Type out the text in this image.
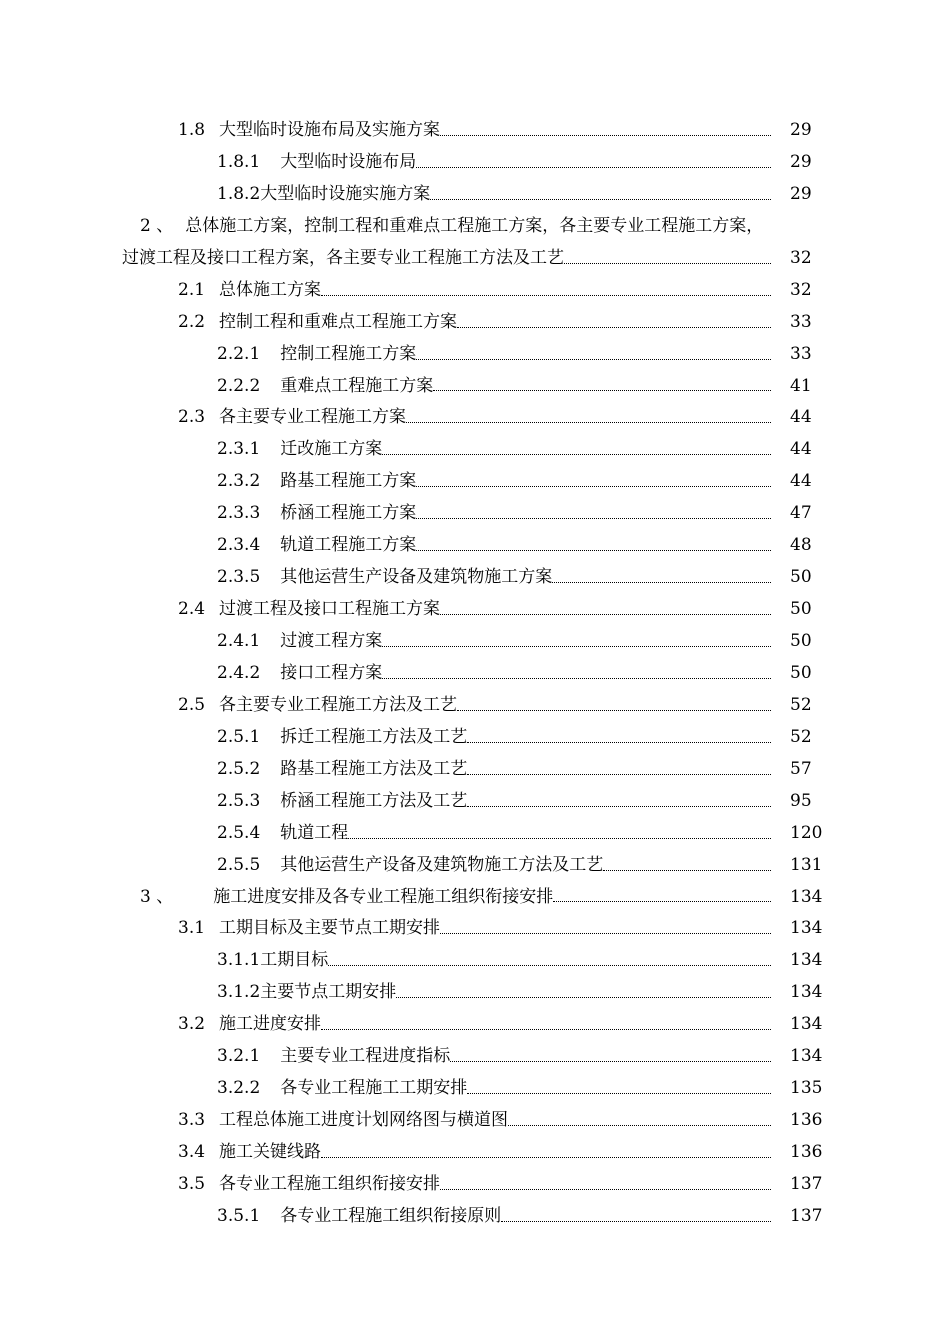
1.8 大型临时设施布局及实施方案	29
1.8.1 大型临时设施布局	29
1.8.2 大型临时设施实施方案	29
2 、 总体施工方案，控制工程和重难点工程施工方案，各主要专业工程施工方案，
过渡工程及接口工程方案，各主要专业工程施工方法及工艺	32
2.1 总体施工方案	32
2.2 控制工程和重难点工程施工方案	33
2.2.1 控制工程施工方案	33
2.2.2 重难点工程施工方案	41
2.3 各主要专业工程施工方案	44
2.3.1 迁改施工方案	44
2.3.2 路基工程施工方案	44
2.3.3 桥涵工程施工方案	47
2.3.4 轨道工程施工方案	48
2.3.5 其他运营生产设备及建筑物施工方案	50
2.4 过渡工程及接口工程施工方案	50
2.4.1 过渡工程方案	50
2.4.2 接口工程方案	50
2.5 各主要专业工程施工方法及工艺	52
2.5.1 拆迁工程施工方法及工艺	52
2.5.2 路基工程施工方法及工艺	57
2.5.3 桥涵工程施工方法及工艺	95
2.5.4 轨道工程	120
2.5.5 其他运营生产设备及建筑物施工方法及工艺	131
3 、 施工进度安排及各专业工程施工组织衔接安排	134
3.1 工期目标及主要节点工期安排	134
3.1.1 工期目标	134
3.1.2 主要节点工期安排	134
3.2 施工进度安排	134
3.2.1 主要专业工程进度指标	134
3.2.2 各专业工程施工工期安排	135
3.3 工程总体施工进度计划网络图与横道图	136
3.4 施工关键线路	136
3.5 各专业工程施工组织衔接安排	137
3.5.1 各专业工程施工组织衔接原则	137
